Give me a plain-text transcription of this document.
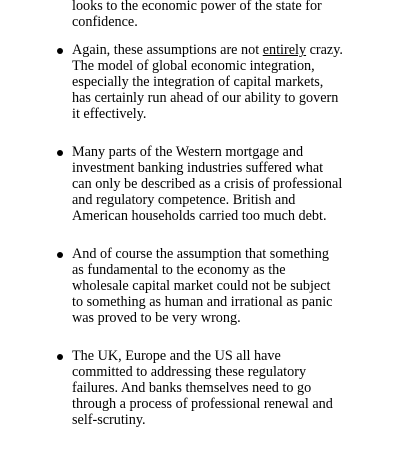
looks to the economic power of the state for confidence.

Again, these assumptions are not entirely crazy. The model of global economic integration, especially the integration of capital markets, has certainly run ahead of our ability to govern it effectively.
Many parts of the Western mortgage and investment banking industries suffered what can only be described as a crisis of professional and regulatory competence. British and American households carried too much debt.
And of course the assumption that something as fundamental to the economy as the wholesale capital market could not be subject to something as human and irrational as panic was proved to be very wrong.
The UK, Europe and the US all have committed to addressing these regulatory failures. And banks themselves need to go through a process of professional renewal and self-scrutiny.
